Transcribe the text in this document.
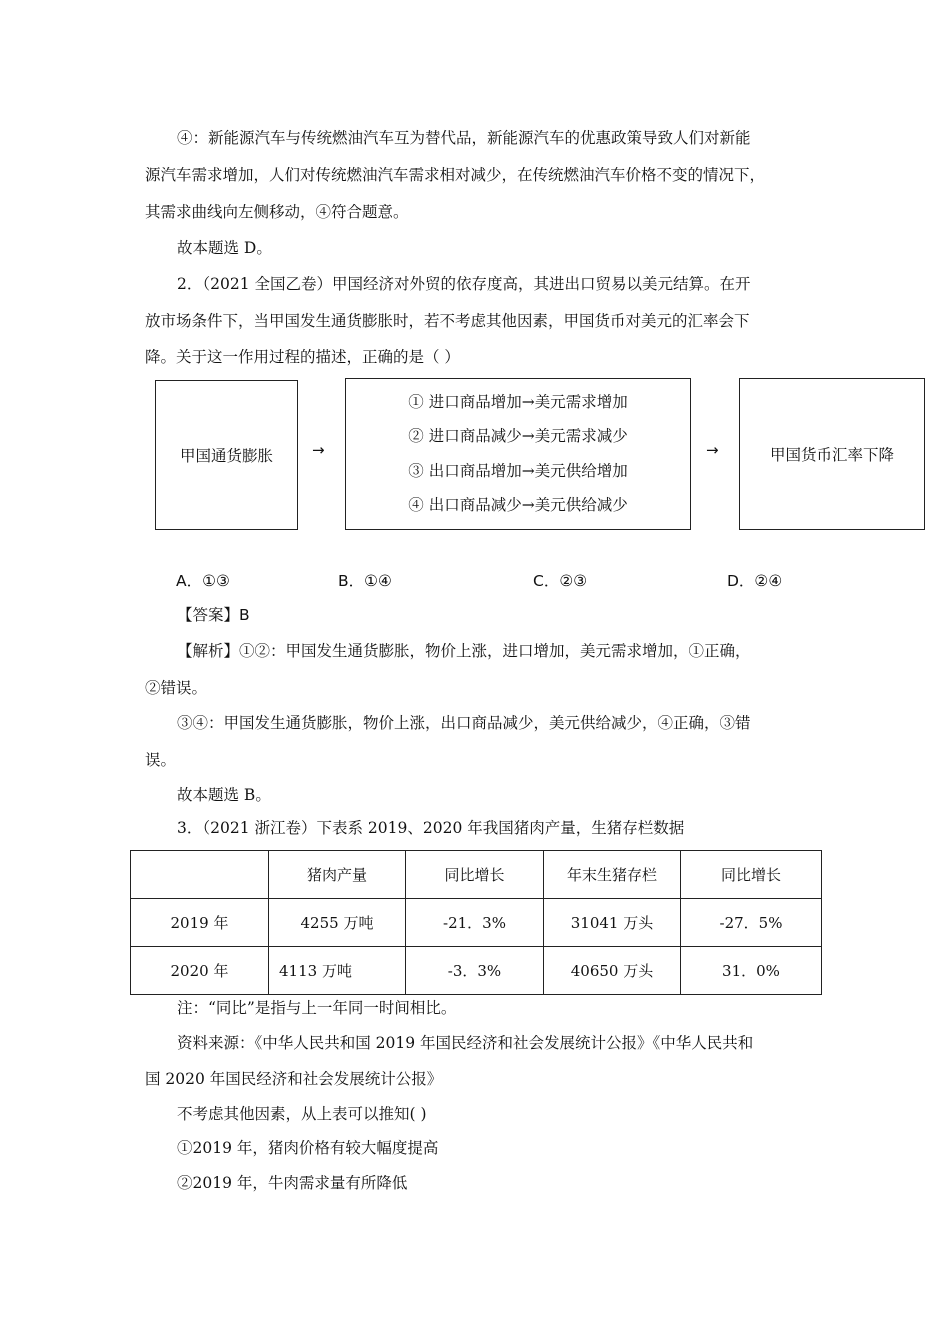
④：新能源汽车与传统燃油汽车互为替代品，新能源汽车的优惠政策导致人们对新能
源汽车需求增加，人们对传统燃油汽车需求相对减少，在传统燃油汽车价格不变的情况下，
其需求曲线向左侧移动，④符合题意。
故本题选 D。
2．（2021 全国乙卷）甲国经济对外贸的依存度高，其进出口贸易以美元结算。在开
放市场条件下，当甲国发生通货膨胀时，若不考虑其他因素，甲国货币对美元的汇率会下
降。关于这一作用过程的描述，正确的是（ ）
甲国通货膨胀	→
① 进口商品增加→美元需求增加
② 进口商品减少→美元需求减少
③ 出口商品增加→美元供给增加
④ 出口商品减少→美元供给减少
→	甲国货币汇率下降
A．①③	B．①④	C．②③	D．②④
【答案】B
【解析】①②：甲国发生通货膨胀，物价上涨，进口增加，美元需求增加，①正确，
②错误。
③④：甲国发生通货膨胀，物价上涨，出口商品减少，美元供给减少，④正确，③错
误。
故本题选 B。
3．（2021 浙江卷）下表系 2019、2020 年我国猪肉产量，生猪存栏数据
	猪肉产量	同比增长	年末生猪存栏	同比增长
2019 年	4255 万吨	-21．3%	31041 万头	-27．5%
2020 年	4113 万吨	-3．3%	40650 万头	31．0%
注：“同比”是指与上一年同一时间相比。
资料来源：《中华人民共和国 2019 年国民经济和社会发展统计公报》《中华人民共和
国 2020 年国民经济和社会发展统计公报》
不考虑其他因素，从上表可以推知( )
①2019 年，猪肉价格有较大幅度提高
②2019 年，牛肉需求量有所降低
